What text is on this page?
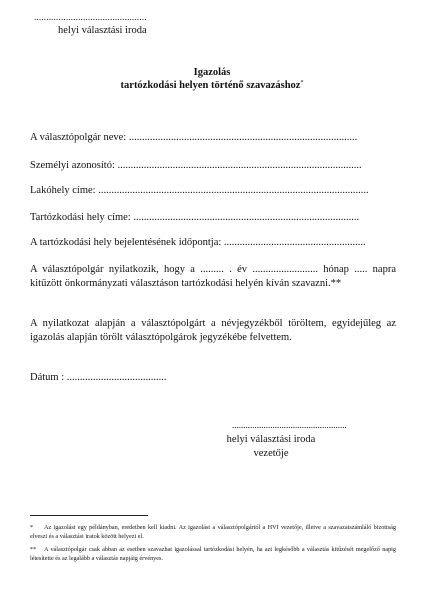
..............................................
helyi választási iroda
Igazolás
tartózkodási helyen történő szavazáshoz*
A választópolgár neve: .......................................................................................
Személyi azonosító: .............................................................................................
Lakóhely címe: .......................................................................................................
Tartózkodási hely címe: ......................................................................................
A tartózkodási hely bejelentésének időpontja: ......................................................
A választópolgár nyilatkozik, hogy a ......... . év ......................... hónap ..... napra
kitűzött önkormányzati választáson tartózkodási helyén kíván szavazni.**
A nyilatkozat alapján a választópolgárt a névjegyzékből töröltem, egyidejűleg az
igazolás alapján törölt választópolgárok jegyzékébe felvettem.
Dátum : ......................................
...................................................
helyi választási iroda
vezetője
* Az igazolást egy példányban, eredetben kell kiadni. Az igazolást a választópolgártól a HVI vezetője, illetve a szavazatszámláló bizottság elveszi és a választási iratok között helyezi el.
** A választópolgár csak abban az esetben szavazhat igazolással tartózkodási helyén, ha azt legkésőbb a választás kitűzését megelőző napig létesítette és az legalább a választás napjáig érvényes.
